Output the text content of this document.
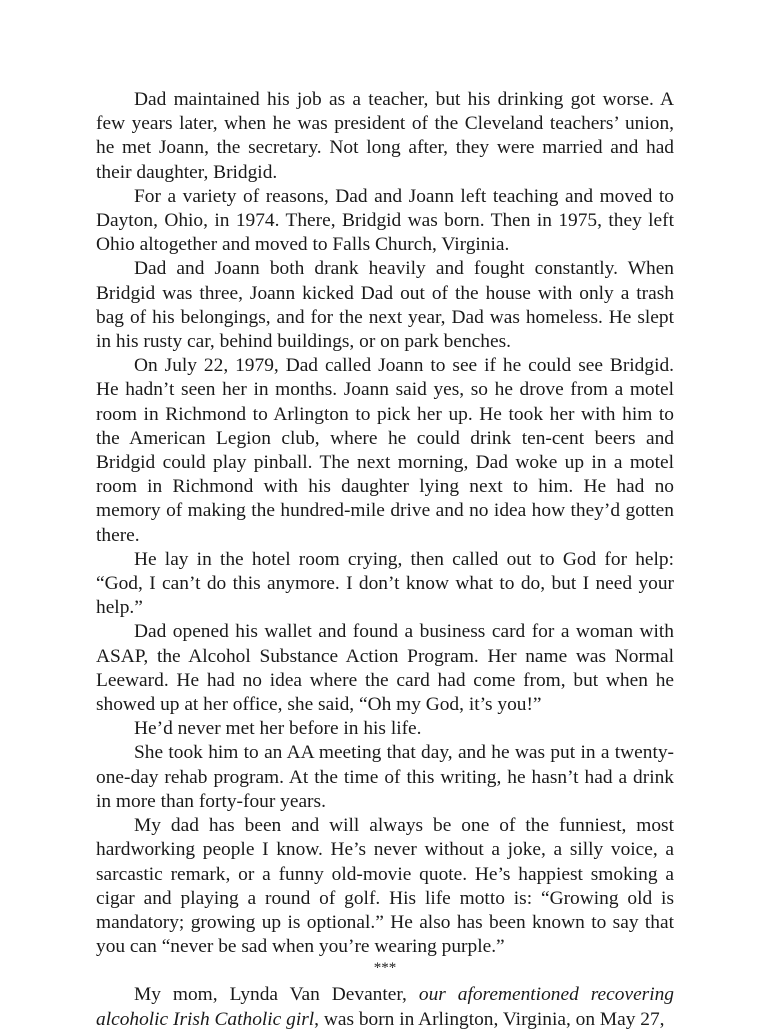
Dad maintained his job as a teacher, but his drinking got worse. A few years later, when he was president of the Cleveland teachers’ union, he met Joann, the secretary. Not long after, they were married and had their daughter, Bridgid.

For a variety of reasons, Dad and Joann left teaching and moved to Dayton, Ohio, in 1974. There, Bridgid was born. Then in 1975, they left Ohio altogether and moved to Falls Church, Virginia.

Dad and Joann both drank heavily and fought constantly. When Bridgid was three, Joann kicked Dad out of the house with only a trash bag of his belongings, and for the next year, Dad was homeless. He slept in his rusty car, behind buildings, or on park benches.

On July 22, 1979, Dad called Joann to see if he could see Bridgid. He hadn’t seen her in months. Joann said yes, so he drove from a motel room in Richmond to Arlington to pick her up. He took her with him to the American Legion club, where he could drink ten-cent beers and Bridgid could play pinball. The next morning, Dad woke up in a motel room in Richmond with his daughter lying next to him. He had no memory of making the hundred-mile drive and no idea how they’d gotten there.

He lay in the hotel room crying, then called out to God for help: “God, I can’t do this anymore. I don’t know what to do, but I need your help.”

Dad opened his wallet and found a business card for a woman with ASAP, the Alcohol Substance Action Program. Her name was Normal Leeward. He had no idea where the card had come from, but when he showed up at her office, she said, “Oh my God, it’s you!”

He’d never met her before in his life.

She took him to an AA meeting that day, and he was put in a twenty-one-day rehab program. At the time of this writing, he hasn’t had a drink in more than forty-four years.

My dad has been and will always be one of the funniest, most hardworking people I know. He’s never without a joke, a silly voice, a sarcastic remark, or a funny old-movie quote. He’s happiest smoking a cigar and playing a round of golf. His life motto is: “Growing old is mandatory; growing up is optional.” He also has been known to say that you can “never be sad when you’re wearing purple.”

***

My mom, Lynda Van Devanter, our aforementioned recovering alcoholic Irish Catholic girl, was born in Arlington, Virginia, on May 27,
